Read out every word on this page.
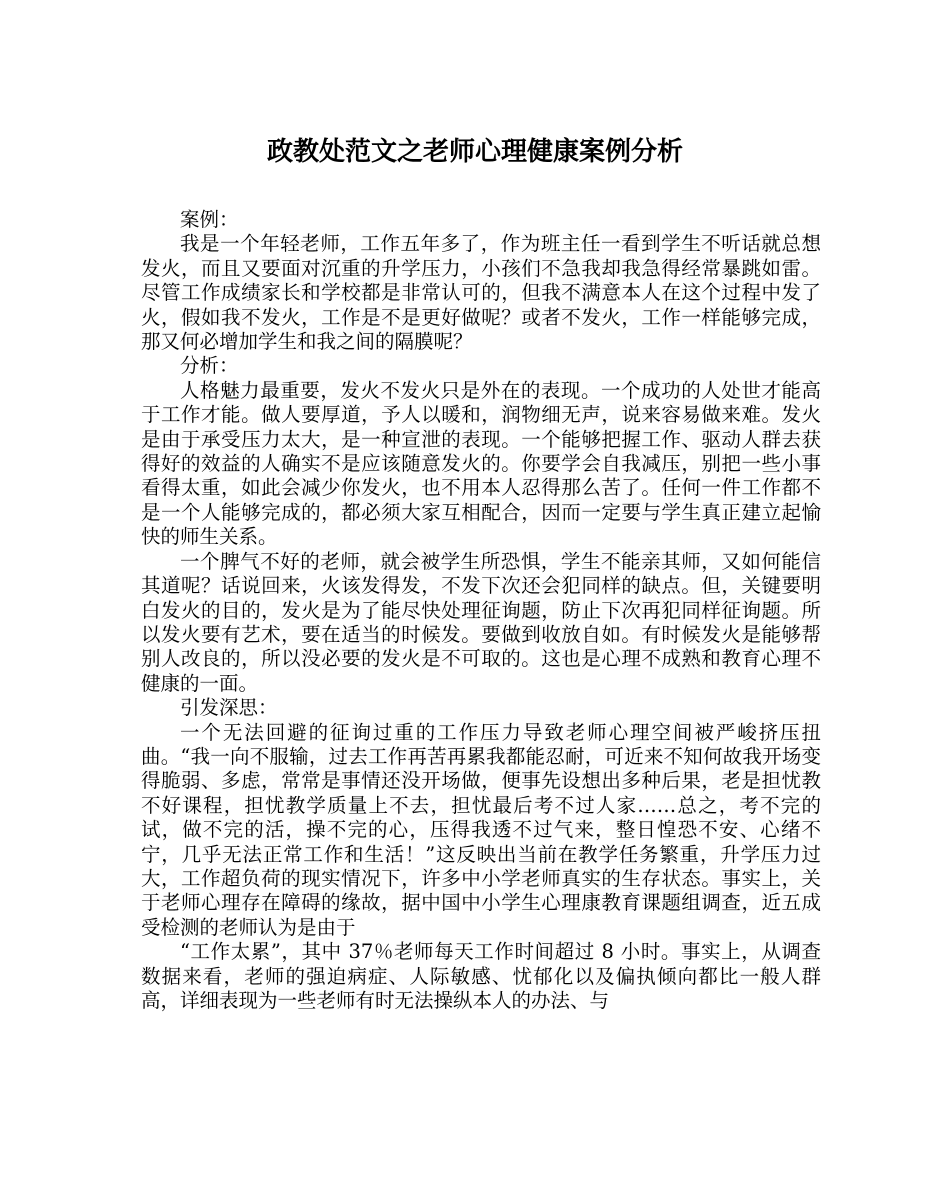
政教处范文之老师心理健康案例分析

案例：

我是一个年轻老师，工作五年多了，作为班主任一看到学生不听话就总想发火，而且又要面对沉重的升学压力，小孩们不急我却我急得经常暴跳如雷。尽管工作成绩家长和学校都是非常认可的，但我不满意本人在这个过程中发了火，假如我不发火，工作是不是更好做呢？或者不发火，工作一样能够完成，那又何必增加学生和我之间的隔膜呢？

分析：

人格魅力最重要，发火不发火只是外在的表现。一个成功的人处世才能高于工作才能。做人要厚道，予人以暖和，润物细无声，说来容易做来难。发火是由于承受压力太大，是一种宣泄的表现。一个能够把握工作、驱动人群去获得好的效益的人确实不是应该随意发火的。你要学会自我减压，别把一些小事看得太重，如此会减少你发火，也不用本人忍得那么苦了。任何一件工作都不是一个人能够完成的，都必须大家互相配合，因而一定要与学生真正建立起愉快的师生关系。

一个脾气不好的老师，就会被学生所恐惧，学生不能亲其师，又如何能信其道呢？话说回来，火该发得发，不发下次还会犯同样的缺点。但，关键要明白发火的目的，发火是为了能尽快处理征询题，防止下次再犯同样征询题。所以发火要有艺术，要在适当的时候发。要做到收放自如。有时候发火是能够帮别人改良的，所以没必要的发火是不可取的。这也是心理不成熟和教育心理不健康的一面。

引发深思：

一个无法回避的征询过重的工作压力导致老师心理空间被严峻挤压扭曲。“我一向不服输，过去工作再苦再累我都能忍耐，可近来不知何故我开场变得脆弱、多虑，常常是事情还没开场做，便事先设想出多种后果，老是担忧教不好课程，担忧教学质量上不去，担忧最后考不过人家……总之，考不完的试，做不完的活，操不完的心，压得我透不过气来，整日惶恐不安、心绪不宁，几乎无法正常工作和生活！”这反映出当前在教学任务繁重，升学压力过大，工作超负荷的现实情况下，许多中小学老师真实的生存状态。事实上，关于老师心理存在障碍的缘故，据中国中小学生心理康教育课题组调查，近五成受检测的老师认为是由于

“工作太累”，其中 37％老师每天工作时间超过 8 小时。事实上，从调查数据来看，老师的强迫病症、人际敏感、忧郁化以及偏执倾向都比一般人群高，详细表现为一些老师有时无法操纵本人的办法、与
